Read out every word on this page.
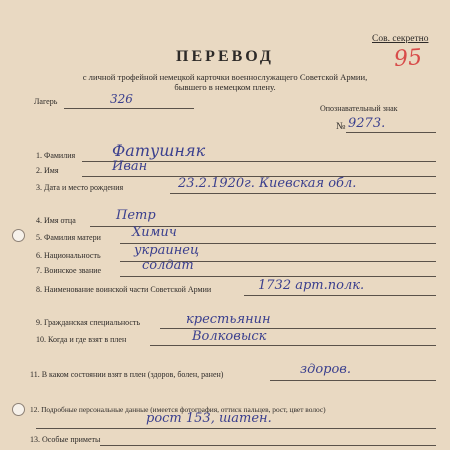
Сов. секретно
95
ПЕРЕВОД
с личной трофейной немецкой карточки военнослужащего Советской Армии,
бывшего в немецком плену.
Лагерь	326
Опознавательный знак
№ 9273.
1. Фамилия Фатушняк
2. Имя	Иван
3. Дата и место рождения	23.2.1920г. Киевская обл.
4. Имя отца	Петр
5. Фамилия матери Химич
6. Национальность	украинец
7. Воинское звание	солдат
8. Наименование воинской части Советской Армии	1732 арт.полк.
9. Гражданская специальность	крестьянин
10. Когда и где взят в плен	Волковыск
11. В каком состоянии взят в плен (здоров, болен, ранен)	здоров.
12. Подробные персональные данные (имеется фотография, оттиск пальцев, рост, цвет волос)
рост 153, шатен.
13. Особые приметы
